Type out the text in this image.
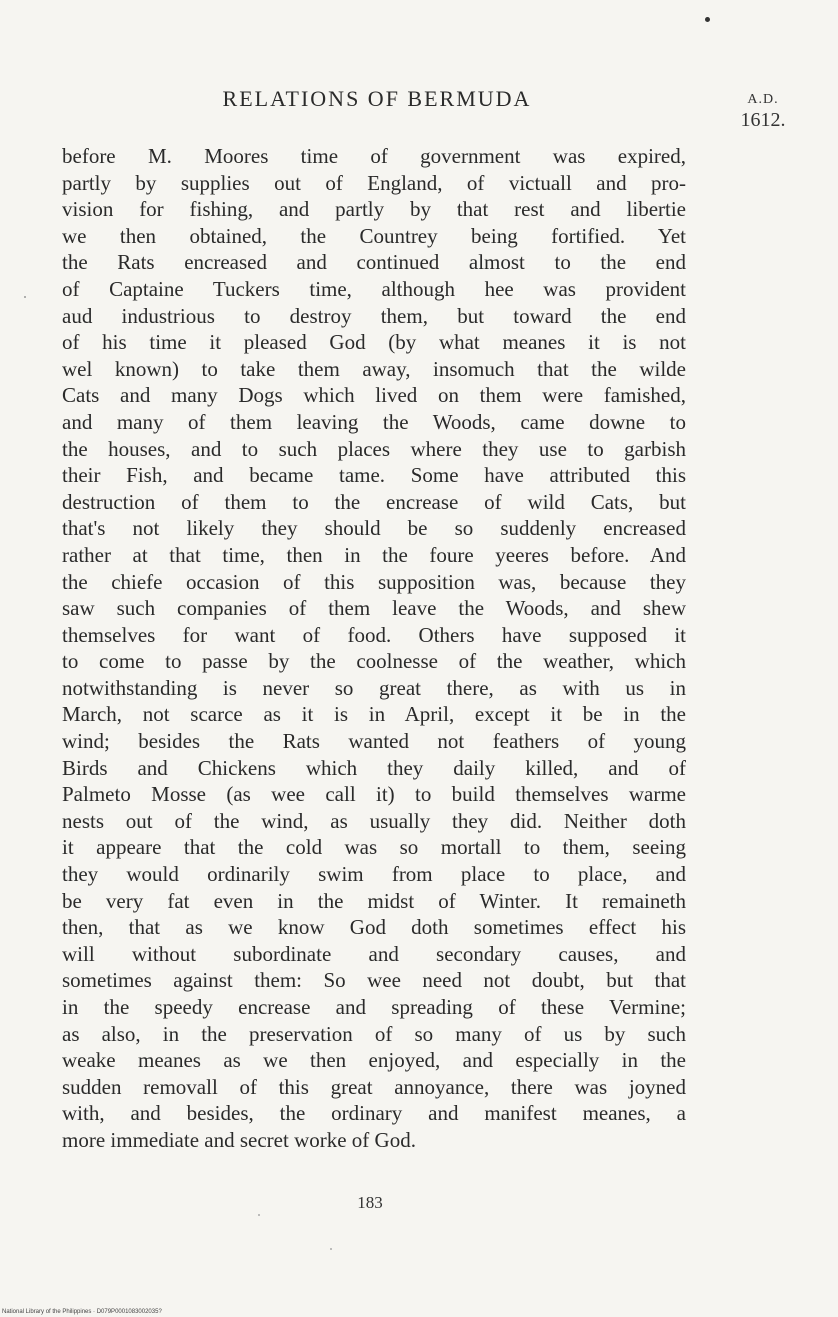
RELATIONS OF BERMUDA	A.D.
1612.
before M. Moores time of government was expired,
partly by supplies out of England, of victuall and pro-
vision for fishing, and partly by that rest and libertie
we then obtained, the Countrey being fortified. Yet
the Rats encreased and continued almost to the end
of Captaine Tuckers time, although hee was provident
aud industrious to destroy them, but toward the end
of his time it pleased God (by what meanes it is not
wel known) to take them away, insomuch that the wilde
Cats and many Dogs which lived on them were famished,
and many of them leaving the Woods, came downe to
the houses, and to such places where they use to garbish
their Fish, and became tame. Some have attributed this
destruction of them to the encrease of wild Cats, but
that's not likely they should be so suddenly encreased
rather at that time, then in the foure yeeres before. And
the chiefe occasion of this supposition was, because they
saw such companies of them leave the Woods, and shew
themselves for want of food. Others have supposed it
to come to passe by the coolnesse of the weather, which
notwithstanding is never so great there, as with us in
March, not scarce as it is in April, except it be in the
wind; besides the Rats wanted not feathers of young
Birds and Chickens which they daily killed, and of
Palmeto Mosse (as wee call it) to build themselves warme
nests out of the wind, as usually they did. Neither doth
it appeare that the cold was so mortall to them, seeing
they would ordinarily swim from place to place, and
be very fat even in the midst of Winter. It remaineth
then, that as we know God doth sometimes effect his
will without subordinate and secondary causes, and
sometimes against them: So wee need not doubt, but that
in the speedy encrease and spreading of these Vermine;
as also, in the preservation of so many of us by such
weake meanes as we then enjoyed, and especially in the
sudden removall of this great annoyance, there was joyned
with, and besides, the ordinary and manifest meanes, a
more immediate and secret worke of God.
183
National Library of the Philippines · D079P0001083002035?
